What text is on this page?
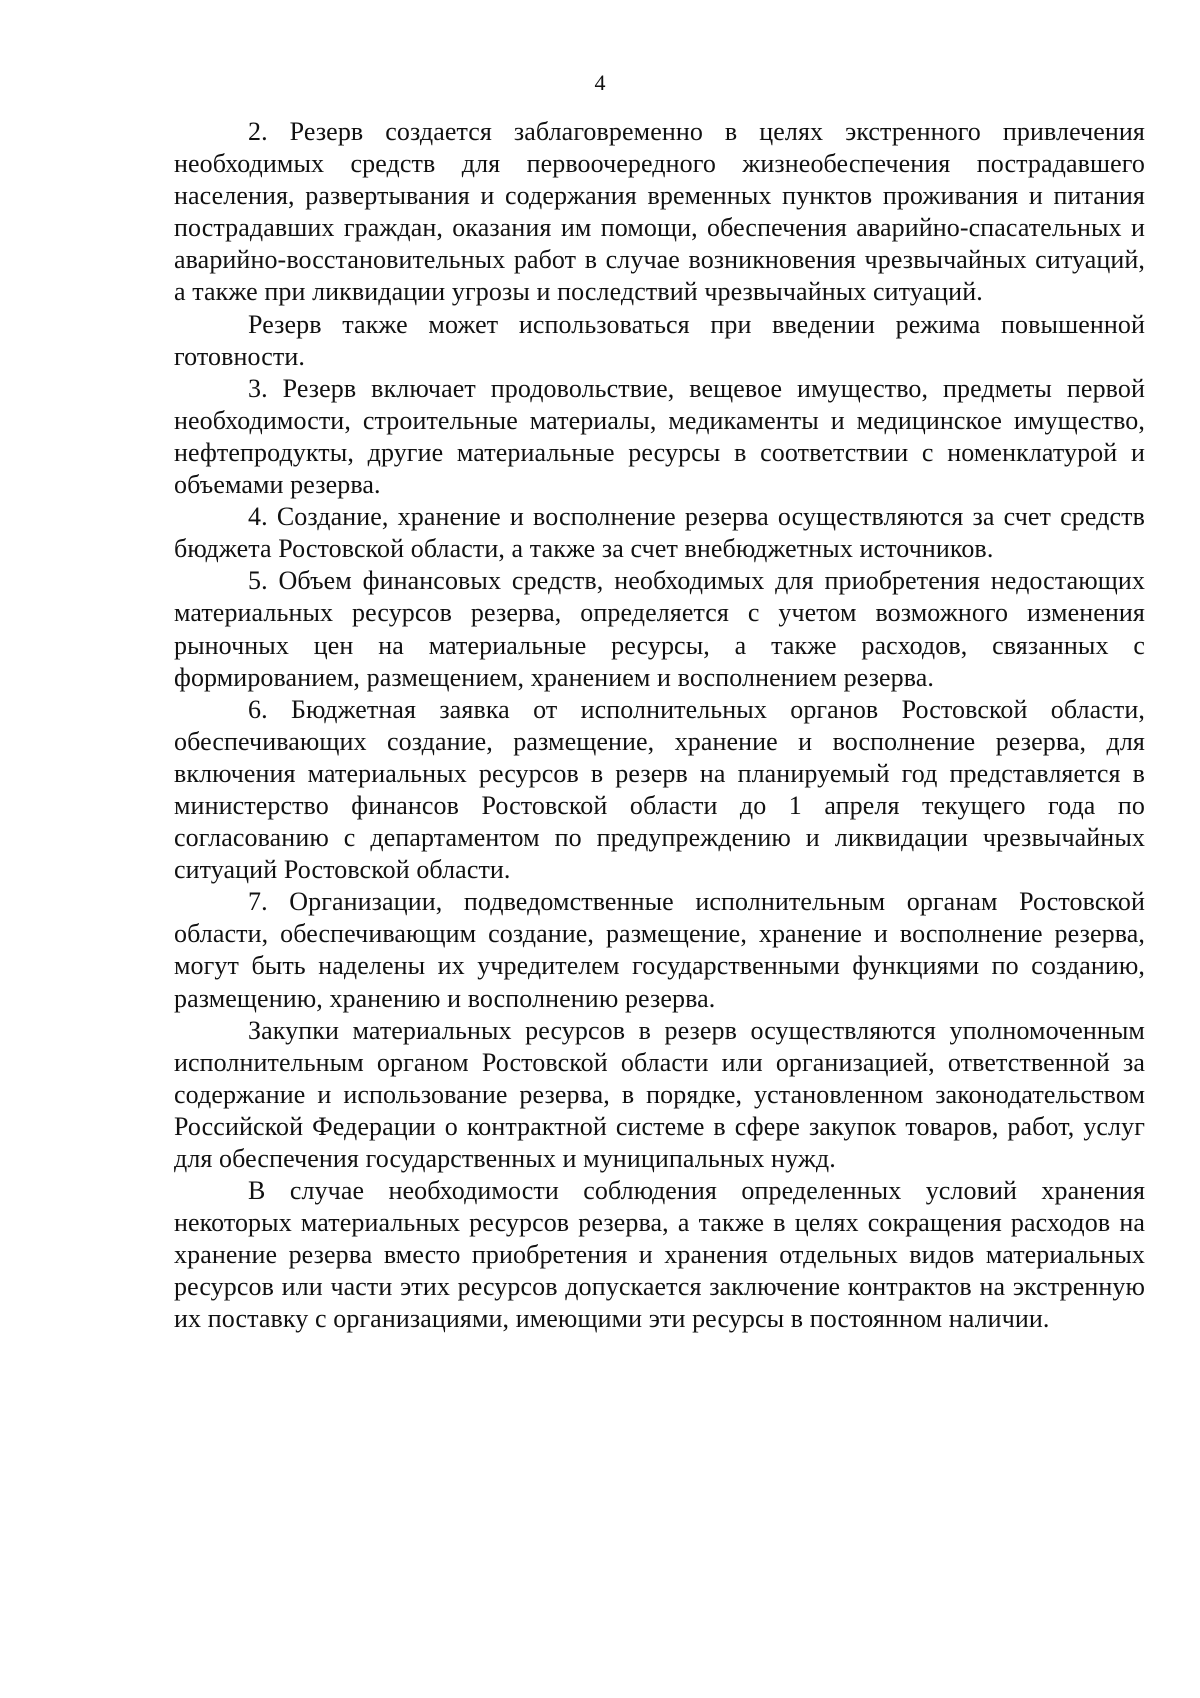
4

2. Резерв создается заблаговременно в целях экстренного привлечения необходимых средств для первоочередного жизнеобеспечения пострадавшего населения, развертывания и содержания временных пунктов проживания и питания пострадавших граждан, оказания им помощи, обеспечения аварийно-спасательных и аварийно-восстановительных работ в случае возникновения чрезвычайных ситуаций, а также при ликвидации угрозы и последствий чрезвычайных ситуаций.

Резерв также может использоваться при введении режима повышенной готовности.

3. Резерв включает продовольствие, вещевое имущество, предметы первой необходимости, строительные материалы, медикаменты и медицинское имущество, нефтепродукты, другие материальные ресурсы в соответствии с номенклатурой и объемами резерва.

4. Создание, хранение и восполнение резерва осуществляются за счет средств бюджета Ростовской области, а также за счет внебюджетных источников.

5. Объем финансовых средств, необходимых для приобретения недостающих материальных ресурсов резерва, определяется с учетом возможного изменения рыночных цен на материальные ресурсы, а также расходов, связанных с формированием, размещением, хранением и восполнением резерва.

6. Бюджетная заявка от исполнительных органов Ростовской области, обеспечивающих создание, размещение, хранение и восполнение резерва, для включения материальных ресурсов в резерв на планируемый год представляется в министерство финансов Ростовской области до 1 апреля текущего года по согласованию с департаментом по предупреждению и ликвидации чрезвычайных ситуаций Ростовской области.

7. Организации, подведомственные исполнительным органам Ростовской области, обеспечивающим создание, размещение, хранение и восполнение резерва, могут быть наделены их учредителем государственными функциями по созданию, размещению, хранению и восполнению резерва.

Закупки материальных ресурсов в резерв осуществляются уполномоченным исполнительным органом Ростовской области или организацией, ответственной за содержание и использование резерва, в порядке, установленном законодательством Российской Федерации о контрактной системе в сфере закупок товаров, работ, услуг для обеспечения государственных и муниципальных нужд.

В случае необходимости соблюдения определенных условий хранения некоторых материальных ресурсов резерва, а также в целях сокращения расходов на хранение резерва вместо приобретения и хранения отдельных видов материальных ресурсов или части этих ресурсов допускается заключение контрактов на экстренную их поставку с организациями, имеющими эти ресурсы в постоянном наличии.
